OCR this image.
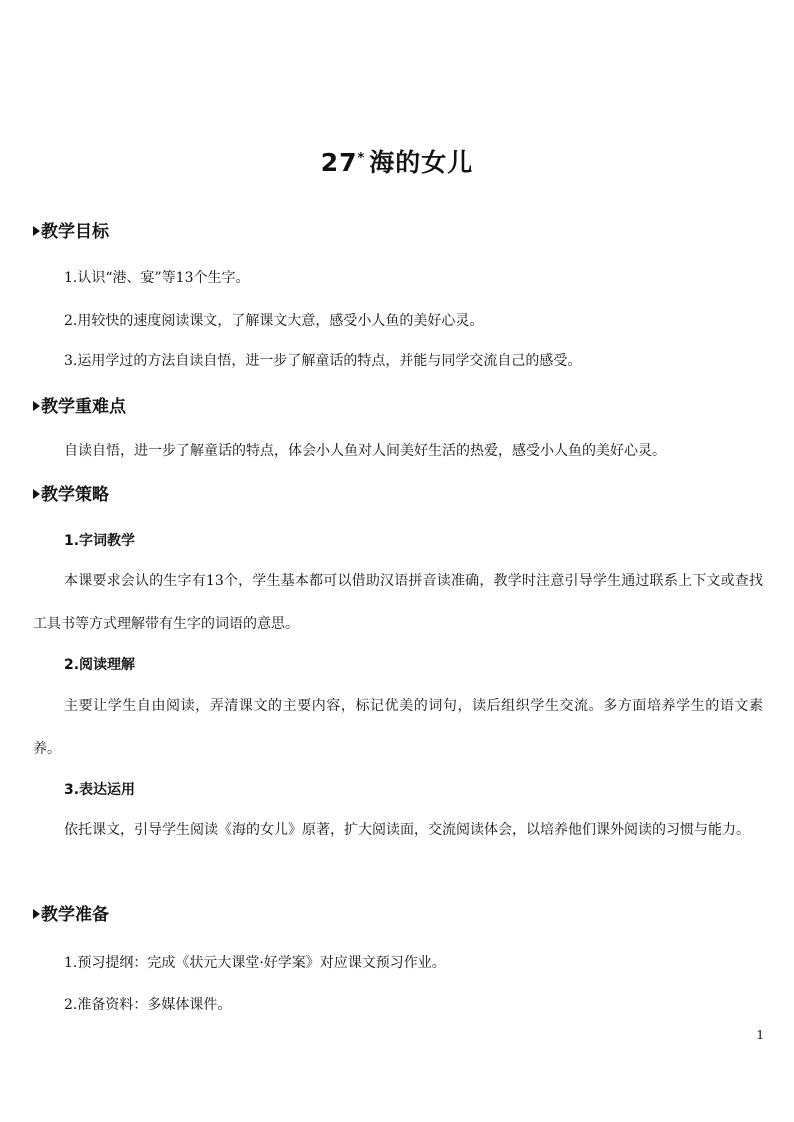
27* 海的女儿
教学目标
1.认识“港、宴”等13个生字。
2.用较快的速度阅读课文，了解课文大意，感受小人鱼的美好心灵。
3.运用学过的方法自读自悟，进一步了解童话的特点，并能与同学交流自己的感受。
教学重难点
自读自悟，进一步了解童话的特点，体会小人鱼对人间美好生活的热爱，感受小人鱼的美好心灵。
教学策略
1.字词教学
本课要求会认的生字有13个，学生基本都可以借助汉语拼音读准确，教学时注意引导学生通过联系上下文或查找工具书等方式理解带有生字的词语的意思。
2.阅读理解
主要让学生自由阅读，弄清课文的主要内容，标记优美的词句，读后组织学生交流。多方面培养学生的语文素养。
3.表达运用
依托课文，引导学生阅读《海的女儿》原著，扩大阅读面，交流阅读体会，以培养他们课外阅读的习惯与能力。
教学准备
1.预习提纲：完成《状元大课堂·好学案》对应课文预习作业。
2.准备资料：多媒体课件。
1
